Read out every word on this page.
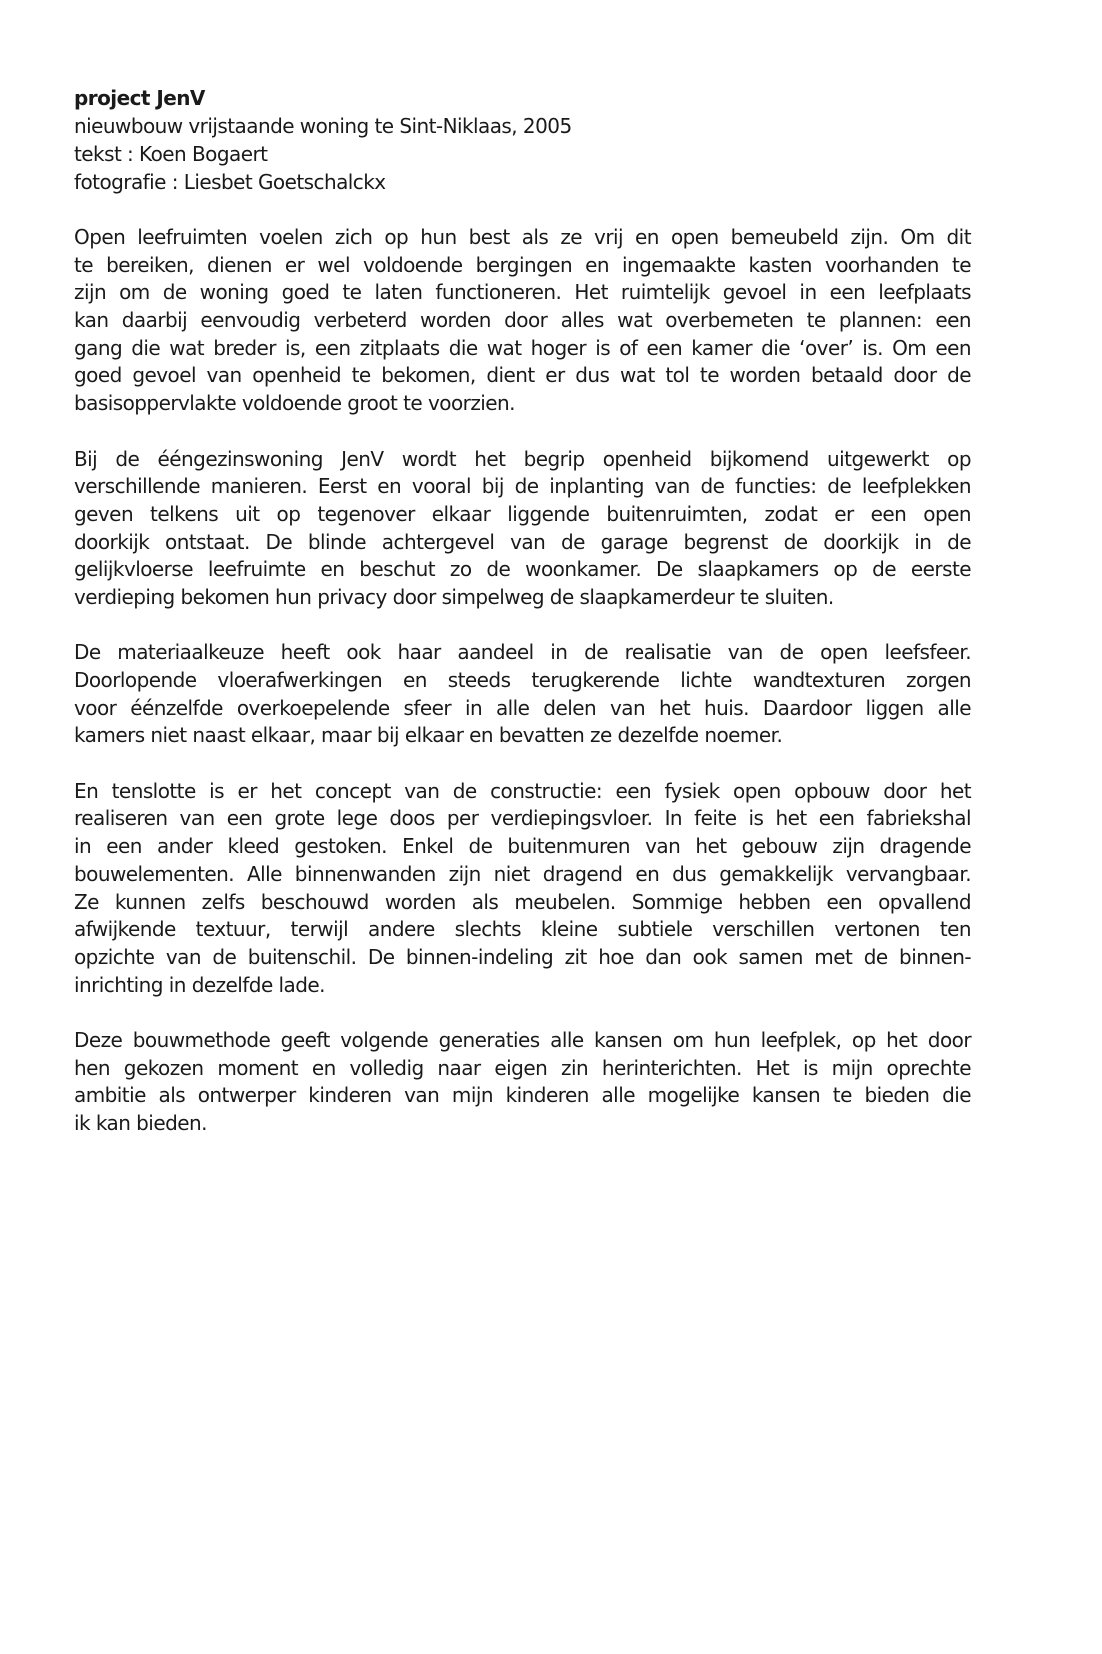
project JenV
nieuwbouw vrijstaande woning te Sint-Niklaas, 2005
tekst : Koen Bogaert
fotografie : Liesbet Goetschalckx
Open leefruimten voelen zich op hun best als ze vrij en open bemeubeld zijn. Om dit
te bereiken, dienen er wel voldoende bergingen en ingemaakte kasten voorhanden te
zijn om de woning goed te laten functioneren. Het ruimtelijk gevoel in een leefplaats
kan daarbij eenvoudig verbeterd worden door alles wat overbemeten te plannen: een
gang die wat breder is, een zitplaats die wat hoger is of een kamer die ‘over’ is. Om een
goed gevoel van openheid te bekomen, dient er dus wat tol te worden betaald door de
basisoppervlakte voldoende groot te voorzien.
Bij de ééngezinswoning JenV wordt het begrip openheid bijkomend uitgewerkt op
verschillende manieren. Eerst en vooral bij de inplanting van de functies: de leefplekken
geven telkens uit op tegenover elkaar liggende buitenruimten, zodat er een open
doorkijk ontstaat. De blinde achtergevel van de garage begrenst de doorkijk in de
gelijkvloerse leefruimte en beschut zo de woonkamer. De slaapkamers op de eerste
verdieping bekomen hun privacy door simpelweg de slaapkamerdeur te sluiten.
De materiaalkeuze heeft ook haar aandeel in de realisatie van de open leefsfeer.
Doorlopende vloerafwerkingen en steeds terugkerende lichte wandtexturen zorgen
voor éénzelfde overkoepelende sfeer in alle delen van het huis. Daardoor liggen alle
kamers niet naast elkaar, maar bij elkaar en bevatten ze dezelfde noemer.
En tenslotte is er het concept van de constructie: een fysiek open opbouw door het
realiseren van een grote lege doos per verdiepingsvloer. In feite is het een fabriekshal
in een ander kleed gestoken. Enkel de buitenmuren van het gebouw zijn dragende
bouwelementen. Alle binnenwanden zijn niet dragend en dus gemakkelijk vervangbaar.
Ze kunnen zelfs beschouwd worden als meubelen. Sommige hebben een opvallend
afwijkende textuur, terwijl andere slechts kleine subtiele verschillen vertonen ten
opzichte van de buitenschil. De binnen-indeling zit hoe dan ook samen met de binnen-
inrichting in dezelfde lade.
Deze bouwmethode geeft volgende generaties alle kansen om hun leefplek, op het door
hen gekozen moment en volledig naar eigen zin herinterichten. Het is mijn oprechte
ambitie als ontwerper kinderen van mijn kinderen alle mogelijke kansen te bieden die
ik kan bieden.
